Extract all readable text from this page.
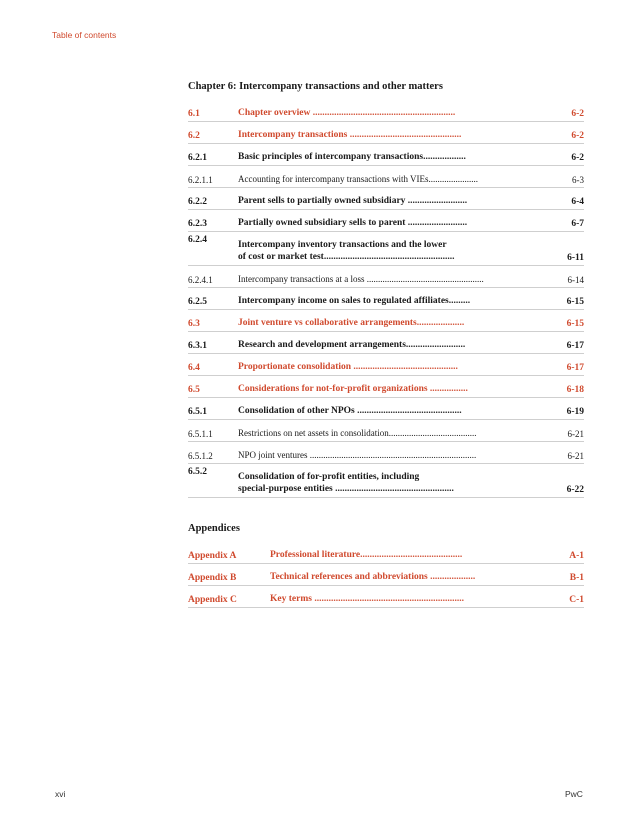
Table of contents
Chapter 6: Intercompany transactions and other matters
6.1	Chapter overview ............................................................	6-2
6.2	Intercompany transactions ...............................................	6-2
6.2.1	Basic principles of intercompany transactions..................	6-2
6.2.1.1	Accounting for intercompany transactions with VIEs......................	6-3
6.2.2	Parent sells to partially owned subsidiary .........................	6-4
6.2.3	Partially owned subsidiary sells to parent .........................	6-7
6.2.4	Intercompany inventory transactions and the lower
of cost or market test.......................................................	6-11
6.2.4.1	Intercompany transactions at a loss ....................................................	6-14
6.2.5	Intercompany income on sales to regulated affiliates.........	6-15
6.3	Joint venture vs collaborative arrangements....................	6-15
6.3.1	Research and development arrangements.........................	6-17
6.4	Proportionate consolidation ............................................	6-17
6.5	Considerations for not-for-profit organizations ................	6-18
6.5.1	Consolidation of other NPOs ............................................	6-19
6.5.1.1	Restrictions on net assets in consolidation.......................................	6-21
6.5.1.2	NPO joint ventures ..........................................................................	6-21
6.5.2	Consolidation of for-profit entities, including
special-purpose entities ..................................................	6-22
Appendices
Appendix A	Professional literature...........................................	A-1
Appendix B	Technical references and abbreviations ...................	B-1
Appendix C	Key terms ...............................................................	C-1
xvi	PwC
